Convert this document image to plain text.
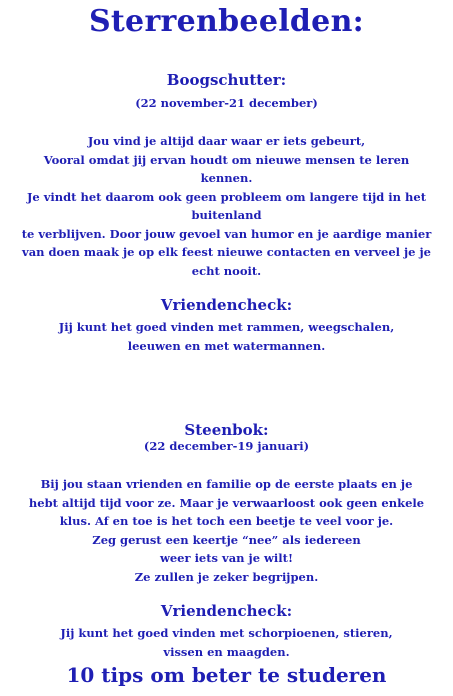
Sterrenbeelden:
Boogschutter:
(22 november-21 december)
Jou vind je altijd daar waar er iets gebeurt,
Vooral omdat jij ervan houdt om nieuwe mensen te leren
kennen.
Je vindt het daarom ook geen probleem om langere tijd in het
buitenland
te verblijven. Door jouw gevoel van humor en je aardige manier
van doen maak je op elk feest nieuwe contacten en verveel je je
echt nooit.
Vriendencheck:
Jij kunt het goed vinden met rammen, weegschalen,
leeuwen en met watermannen.
Steenbok:
(22 december-19 januari)
Bij jou staan vrienden en familie op de eerste plaats en je
hebt altijd tijd voor ze. Maar je verwaarloost ook geen enkele
klus. Af en toe is het toch een beetje te veel voor je.
Zeg gerust een keertje “nee” als iedereen
weer iets van je wilt!
Ze zullen je zeker begrijpen.
Vriendencheck:
Jij kunt het goed vinden met schorpioenen, stieren,
vissen en maagden.
10 tips om beter te studeren
